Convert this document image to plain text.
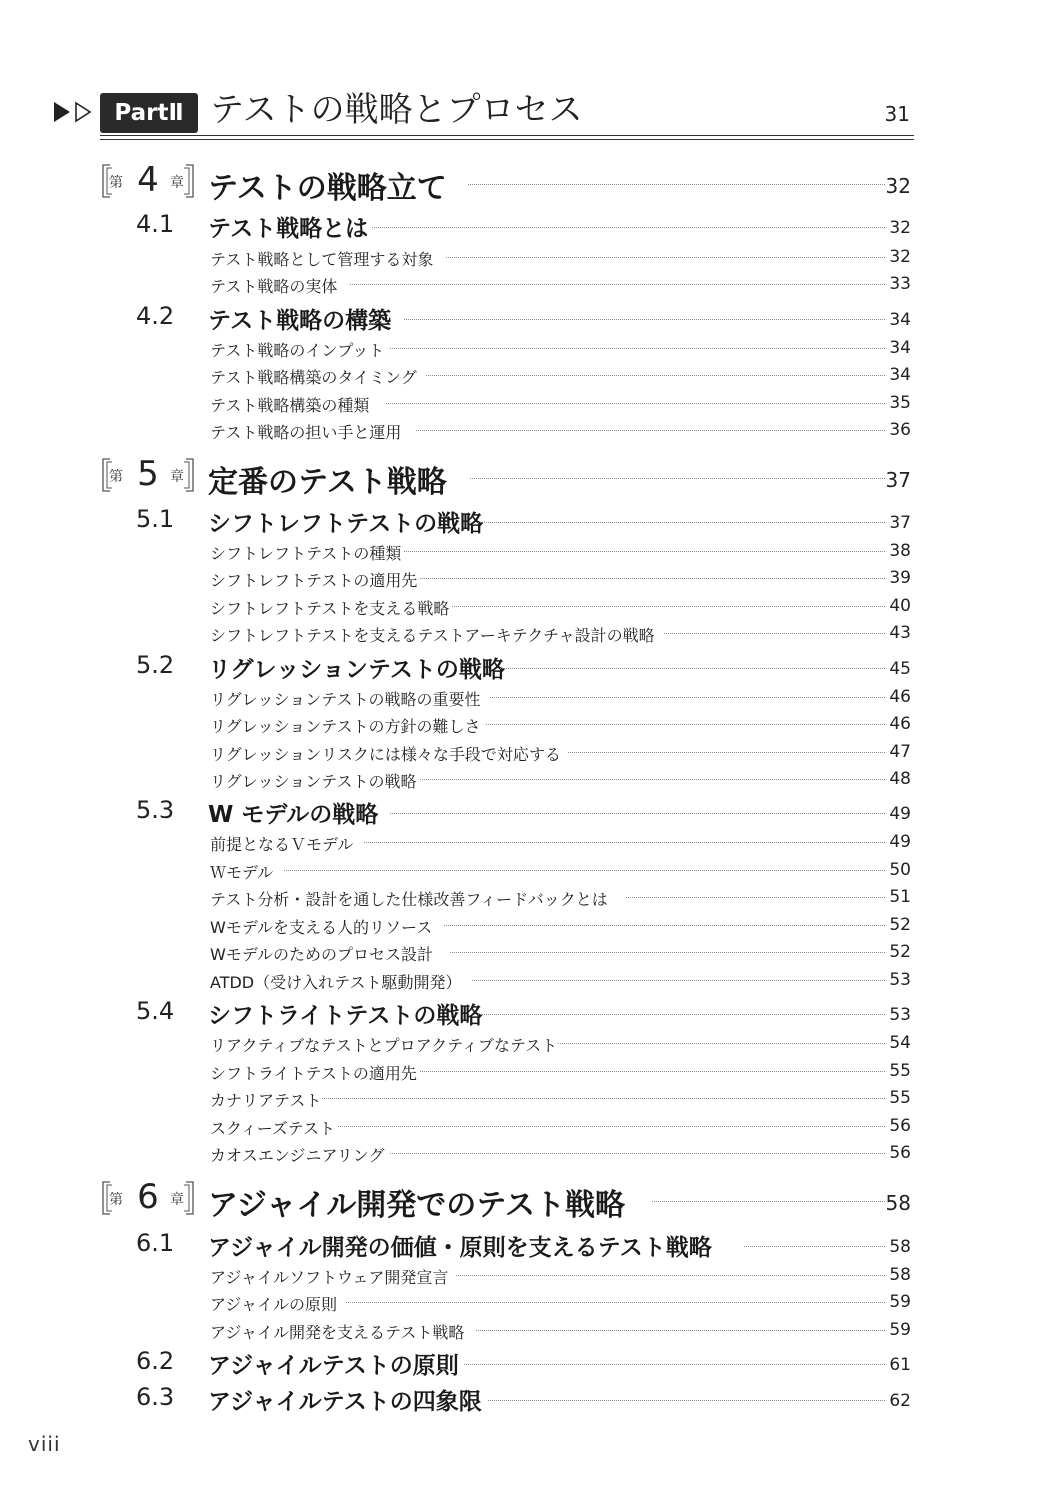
PartⅡ テストの戦略とプロセス	31
第 4 章 テストの戦略立て	32
4.1 テスト戦略とは	32
テスト戦略として管理する対象	32
テスト戦略の実体	33
4.2 テスト戦略の構築	34
テスト戦略のインプット	34
テスト戦略構築のタイミング	34
テスト戦略構築の種類	35
テスト戦略の担い手と運用	36
第 5 章 定番のテスト戦略	37
5.1 シフトレフトテストの戦略	37
シフトレフトテストの種類	38
シフトレフトテストの適用先	39
シフトレフトテストを支える戦略	40
シフトレフトテストを支えるテストアーキテクチャ設計の戦略	43
5.2 リグレッションテストの戦略	45
リグレッションテストの戦略の重要性	46
リグレッションテストの方針の難しさ	46
リグレッションリスクには様々な手段で対応する	47
リグレッションテストの戦略	48
5.3 W モデルの戦略	49
前提となるＶモデル	49
Ｗモデル	50
テスト分析・設計を通した仕様改善フィードバックとは	51
Wモデルを支える人的リソース	52
Wモデルのためのプロセス設計	52
ATDD（受け入れテスト駆動開発）	53
5.4 シフトライトテストの戦略	53
リアクティブなテストとプロアクティブなテスト	54
シフトライトテストの適用先	55
カナリアテスト	55
スクィーズテスト	56
カオスエンジニアリング	56
第 6 章 アジャイル開発でのテスト戦略	58
6.1 アジャイル開発の価値・原則を支えるテスト戦略	58
アジャイルソフトウェア開発宣言	58
アジャイルの原則	59
アジャイル開発を支えるテスト戦略	59
6.2 アジャイルテストの原則	61
6.3 アジャイルテストの四象限	62
viii
